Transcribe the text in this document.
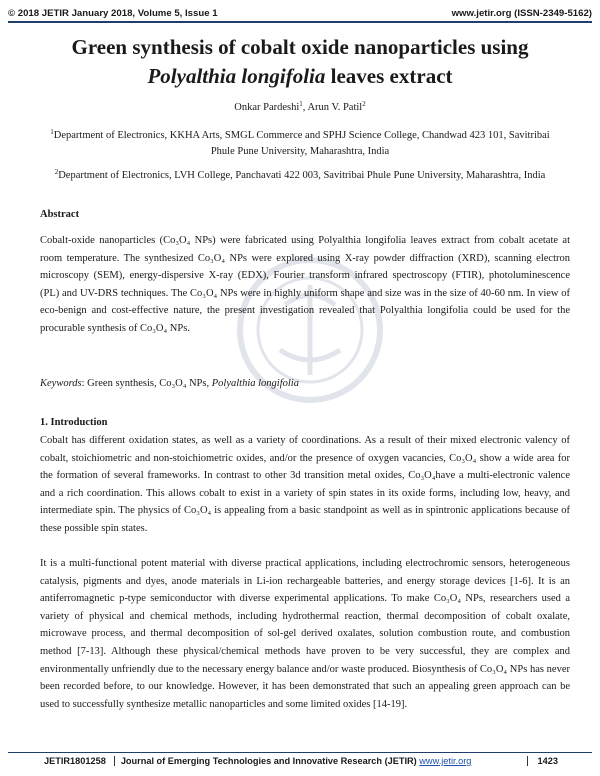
© 2018 JETIR January 2018, Volume 5, Issue 1	www.jetir.org (ISSN-2349-5162)
Green synthesis of cobalt oxide nanoparticles using
Polyalthia longifolia leaves extract
Onkar Pardeshi$^1$, Arun V. Patil$^2$
$^1$Department of Electronics, KKHA Arts, SMGL Commerce and SPHJ Science College, Chandwad 423 101, Savitribai Phule Pune University, Maharashtra, India
$^2$Department of Electronics, LVH College, Panchavati 422 003, Savitribai Phule Pune University, Maharashtra, India
Abstract

Cobalt-oxide nanoparticles (Co₃O₄ NPs) were fabricated using Polyalthia longifolia leaves extract from cobalt acetate at room temperature. The synthesized Co₃O₄ NPs were explored using X-ray powder diffraction (XRD), scanning electron microscopy (SEM), energy-dispersive X-ray (EDX), Fourier transform infrared spectroscopy (FTIR), photoluminescence (PL) and UV-DRS techniques. The Co₃O₄ NPs were in highly uniform shape and size was in the size of 40-60 nm. In view of eco-benign and cost-effective nature, the present investigation revealed that Polyalthia longifolia could be used for the procurable synthesis of Co₃O₄ NPs.

Keywords: Green synthesis, Co₃O₄ NPs, Polyalthia longifolia

1. Introduction

Cobalt has different oxidation states, as well as a variety of coordinations. As a result of their mixed electronic valency of cobalt, stoichiometric and non-stoichiometric oxides, and/or the presence of oxygen vacancies, Co₃O₄ show a wide area for the formation of several frameworks. In contrast to other 3d transition metal oxides, Co₃O₄have a multi-electronic valence and a rich coordination. This allows cobalt to exist in a variety of spin states in its oxide forms, including low, heavy, and intermediate spin. The physics of Co₃O₄ is appealing from a basic standpoint as well as in spintronic applications because of these possible spin states.

It is a multi-functional potent material with diverse practical applications, including electrochromic sensors, heterogeneous catalysis, pigments and dyes, anode materials in Li-ion rechargeable batteries, and energy storage devices [1-6]. It is an antiferromagnetic p-type semiconductor with diverse experimental applications. To make Co₃O₄ NPs, researchers used a variety of physical and chemical methods, including hydrothermal reaction, thermal decomposition of cobalt oxalate, microwave process, and thermal decomposition of sol-gel derived oxalates, solution combustion route, and combustion method [7-13]. Although these physical/chemical methods have proven to be very successful, they are complex and environmentally unfriendly due to the necessary energy balance and/or waste produced. Biosynthesis of Co₃O₄ NPs has never been recorded before, to our knowledge. However, it has been demonstrated that such an appealing green approach can be used to successfully synthesize metallic nanoparticles and some limited oxides [14-19].

JETIR1801258	Journal of Emerging Technologies and Innovative Research (JETIR) www.jetir.org	1423
